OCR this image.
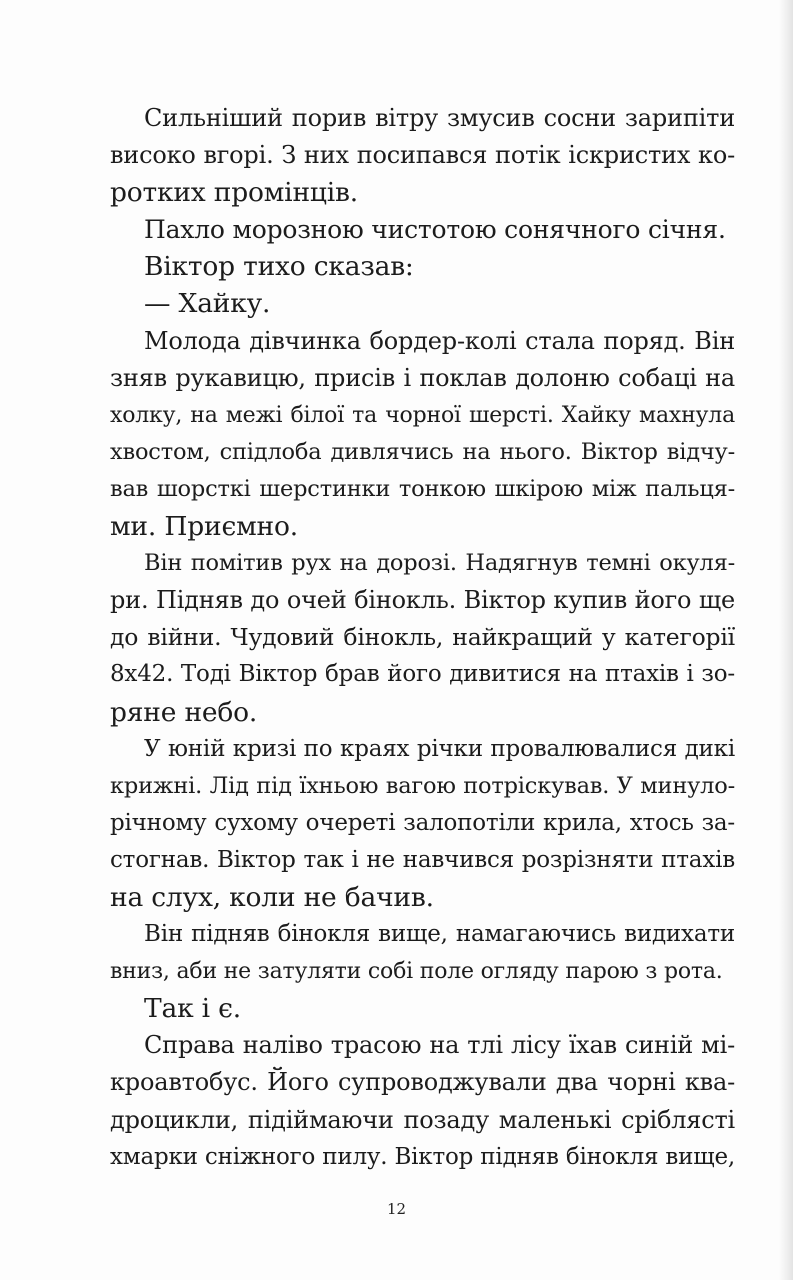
Сильніший порив вітру змусив сосни зарипіти
високо вгорі. З них посипався потік іскристих ко-
ротких промінців.
Пахло морозною чистотою сонячного січня.
Віктор тихо сказав:
— Хайку.
Молода дівчинка бордер-колі стала поряд. Він
зняв рукавицю, присів і поклав долоню собаці на
холку, на межі білої та чорної шерсті. Хайку махнула
хвостом, спідлоба дивлячись на нього. Віктор відчу-
вав шорсткі шерстинки тонкою шкірою між пальця-
ми. Приємно.
Він помітив рух на дорозі. Надягнув темні окуля-
ри. Підняв до очей бінокль. Віктор купив його ще
до війни. Чудовий бінокль, найкращий у категорії
8x42. Тоді Віктор брав його дивитися на птахів і зо-
ряне небо.
У юній кризі по краях річки провалювалися дикі
крижні. Лід під їхньою вагою потріскував. У минуло-
річному сухому очереті залопотіли крила, хтось за-
стогнав. Віктор так і не навчився розрізняти птахів
на слух, коли не бачив.
Він підняв бінокля вище, намагаючись видихати
вниз, аби не затуляти собі поле огляду парою з рота.
Так і є.
Справа наліво трасою на тлі лісу їхав синій мі-
кроавтобус. Його супроводжували два чорні ква-
дроцикли, підіймаючи позаду маленькі сріблясті
хмарки сніжного пилу. Віктор підняв бінокля вище,
12
